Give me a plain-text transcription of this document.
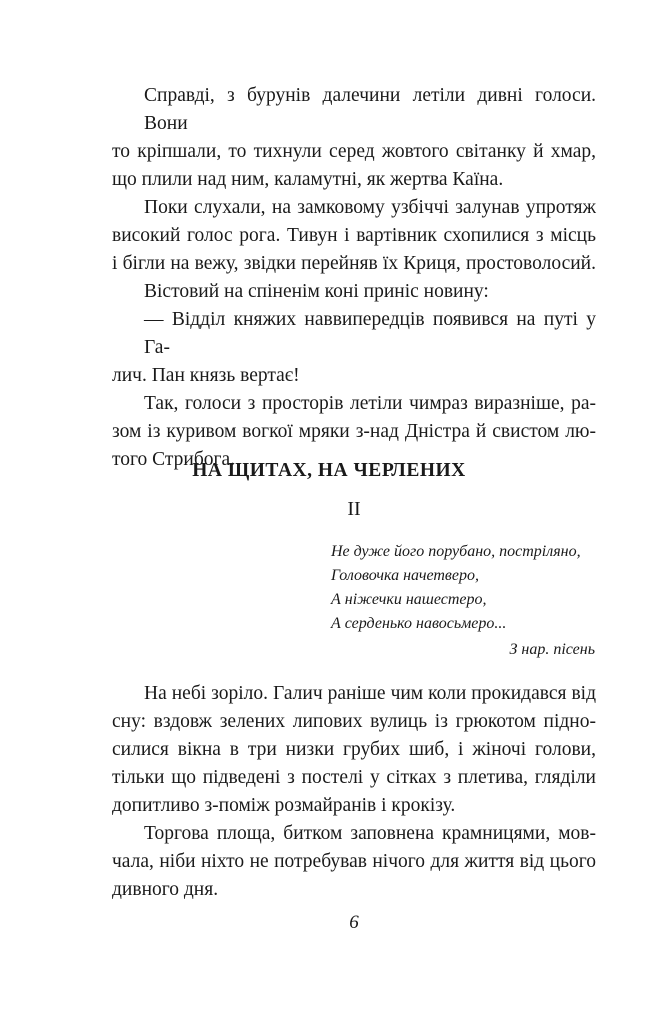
Справді, з бурунів далечини летіли дивні голоси. Вони
то кріпшали, то тихнули серед жовтого світанку й хмар,
що плили над ним, каламутні, як жертва Каїна.
Поки слухали, на замковому узбіччі залунав упротяж
високий голос рога. Тивун і вартівник схопилися з місць
і бігли на вежу, звідки перейняв їх Криця, простоволосий.
Вістовий на спіненім коні приніс новину:
— Відділ княжих наввипередців появився на путі у Га-
лич. Пан князь вертає!
Так, голоси з просторів летіли чимраз виразніше, ра-
зом із куривом вогкої мряки з-над Дністра й свистом лю-
того Стрибога.
НА ЩИТАХ, НА ЧЕРЛЕНИХ
II
Не дуже його порубано, постріляно,
Головочка начетверо,
А ніжечки нашестеро,
А серденько навосьмеро...
З нар. пісень
На небі зоріло. Галич раніше чим коли прокидався від
сну: вздовж зелених липових вулиць із грюкотом підно-
силися вікна в три низки грубих шиб, і жіночі голови,
тільки що підведені з постелі у сітках з плетива, гляділи
допитливо з-поміж розмайранів і крокізу.
Торгова площа, битком заповнена крамницями, мов-
чала, ніби ніхто не потребував нічого для життя від цього
дивного дня.
6
